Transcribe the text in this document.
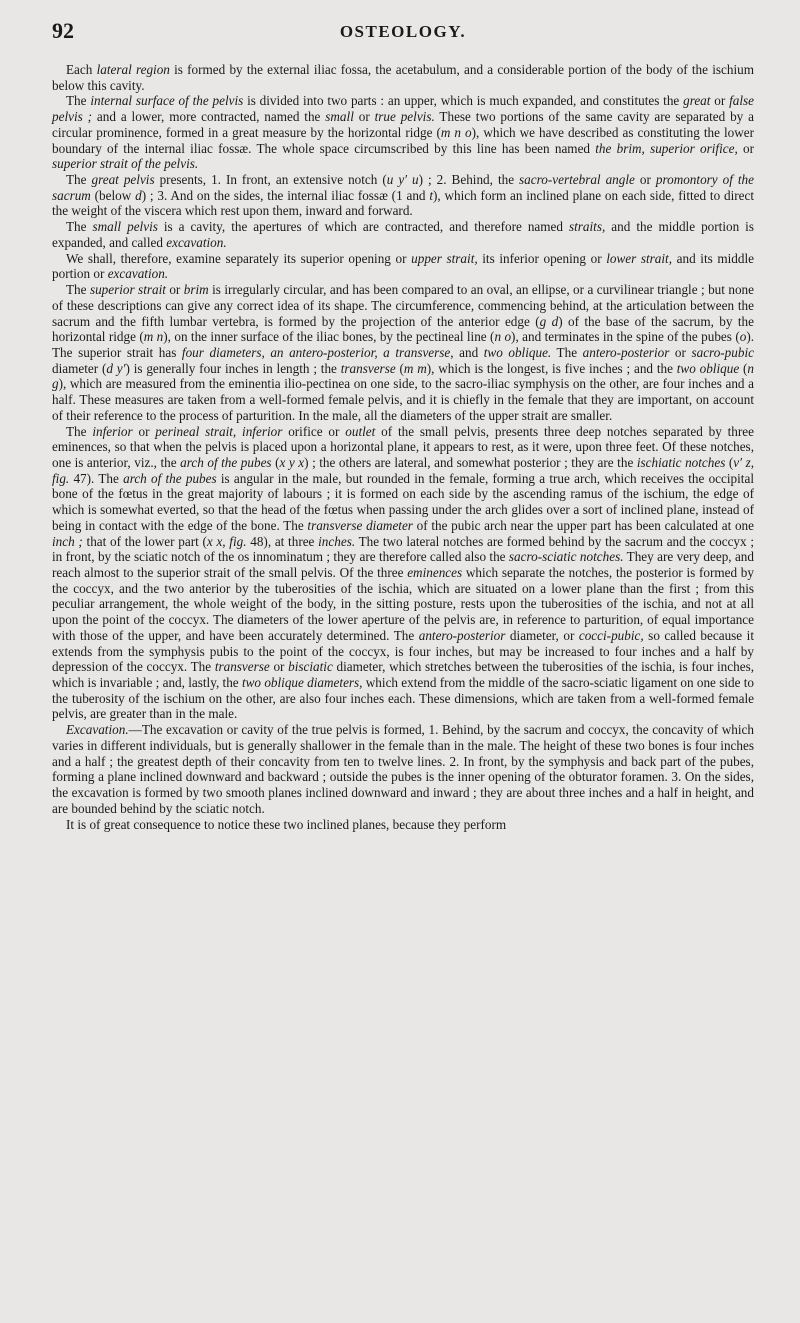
92	OSTEOLOGY.

Each lateral region is formed by the external iliac fossa, the acetabulum, and a considerable portion of the body of the ischium below this cavity.

The internal surface of the pelvis is divided into two parts : an upper, which is much expanded, and constitutes the great or false pelvis ; and a lower, more contracted, named the small or true pelvis. These two portions of the same cavity are separated by a circular prominence, formed in a great measure by the horizontal ridge (m n o), which we have described as constituting the lower boundary of the internal iliac fossæ. The whole space circumscribed by this line has been named the brim, superior orifice, or superior strait of the pelvis.

The great pelvis presents, 1. In front, an extensive notch (u y′ u) ; 2. Behind, the sacro-vertebral angle or promontory of the sacrum (below d) ; 3. And on the sides, the internal iliac fossæ (1 and t), which form an inclined plane on each side, fitted to direct the weight of the viscera which rest upon them, inward and forward.

The small pelvis is a cavity, the apertures of which are contracted, and therefore named straits, and the middle portion is expanded, and called excavation.

We shall, therefore, examine separately its superior opening or upper strait, its inferior opening or lower strait, and its middle portion or excavation.

The superior strait or brim is irregularly circular, and has been compared to an oval, an ellipse, or a curvilinear triangle ; but none of these descriptions can give any correct idea of its shape. The circumference, commencing behind, at the articulation between the sacrum and the fifth lumbar vertebra, is formed by the projection of the anterior edge (g d) of the base of the sacrum, by the horizontal ridge (m n), on the inner surface of the iliac bones, by the pectineal line (n o), and terminates in the spine of the pubes (o). The superior strait has four diameters, an antero-posterior, a transverse, and two oblique. The antero-posterior or sacro-pubic diameter (d y′) is generally four inches in length ; the transverse (m m), which is the longest, is five inches ; and the two oblique (n g), which are measured from the eminentia ilio-pectinea on one side, to the sacro-iliac symphysis on the other, are four inches and a half. These measures are taken from a well-formed female pelvis, and it is chiefly in the female that they are important, on account of their reference to the process of parturition. In the male, all the diameters of the upper strait are smaller.

The inferior or perineal strait, inferior orifice or outlet of the small pelvis, presents three deep notches separated by three eminences, so that when the pelvis is placed upon a horizontal plane, it appears to rest, as it were, upon three feet. Of these notches, one is anterior, viz., the arch of the pubes (x y x) ; the others are lateral, and somewhat posterior ; they are the ischiatic notches (v′ z, fig. 47). The arch of the pubes is angular in the male, but rounded in the female, forming a true arch, which receives the occipital bone of the fœtus in the great majority of labours ; it is formed on each side by the ascending ramus of the ischium, the edge of which is somewhat everted, so that the head of the fœtus when passing under the arch glides over a sort of inclined plane, instead of being in contact with the edge of the bone. The transverse diameter of the pubic arch near the upper part has been calculated at one inch ; that of the lower part (x x, fig. 48), at three inches. The two lateral notches are formed behind by the sacrum and the coccyx ; in front, by the sciatic notch of the os innominatum ; they are therefore called also the sacro-sciatic notches. They are very deep, and reach almost to the superior strait of the small pelvis. Of the three eminences which separate the notches, the posterior is formed by the coccyx, and the two anterior by the tuberosities of the ischia, which are situated on a lower plane than the first ; from this peculiar arrangement, the whole weight of the body, in the sitting posture, rests upon the tuberosities of the ischia, and not at all upon the point of the coccyx. The diameters of the lower aperture of the pelvis are, in reference to parturition, of equal importance with those of the upper, and have been accurately determined. The antero-posterior diameter, or cocci-pubic, so called because it extends from the symphysis pubis to the point of the coccyx, is four inches, but may be increased to four inches and a half by depression of the coccyx. The transverse or bisciatic diameter, which stretches between the tuberosities of the ischia, is four inches, which is invariable ; and, lastly, the two oblique diameters, which extend from the middle of the sacro-sciatic ligament on one side to the tuberosity of the ischium on the other, are also four inches each. These dimensions, which are taken from a well-formed female pelvis, are greater than in the male.

Excavation.—The excavation or cavity of the true pelvis is formed, 1. Behind, by the sacrum and coccyx, the concavity of which varies in different individuals, but is generally shallower in the female than in the male. The height of these two bones is four inches and a half ; the greatest depth of their concavity from ten to twelve lines. 2. In front, by the symphysis and back part of the pubes, forming a plane inclined downward and backward ; outside the pubes is the inner opening of the obturator foramen. 3. On the sides, the excavation is formed by two smooth planes inclined downward and inward ; they are about three inches and a half in height, and are bounded behind by the sciatic notch.

It is of great consequence to notice these two inclined planes, because they perform
